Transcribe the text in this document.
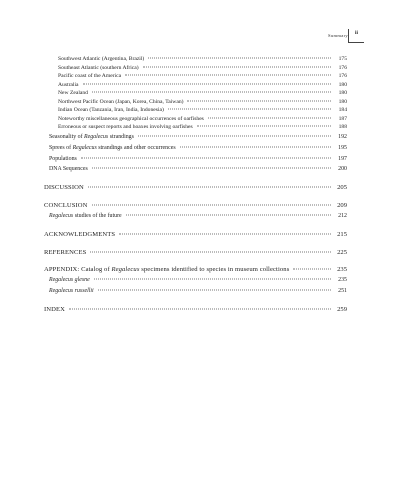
Summary	ii
Southwest Atlantic (Argentina, Brazil)	175
Southeast Atlantic (southern Africa)	176
Pacific coast of the America	176
Australia	180
New Zealand	180
Northwest Pacific Ocean (Japan, Korea, China, Taiwan)	180
Indian Ocean (Tanzania, Iran, India, Indonesia)	184
Noteworthy miscellaneous geographical occurrences of oarfishes	187
Erroneous or suspect reports and hoaxes involving oarfishes	188
Seasonality of Regalecus strandings	192
Sprees of Regalecus strandings and other occurrences	195
Populations	197
DNA Sequences	200
DISCUSSION	205
CONCLUSION	209
Regalecus studies of the future	212
ACKNOWLEDGMENTS	215
REFERENCES	225
APPENDIX: Catalog of Regalecus specimens identified to species in museum collections	235
Regalecus glesne	235
Regalecus russellii	251
INDEX	259
